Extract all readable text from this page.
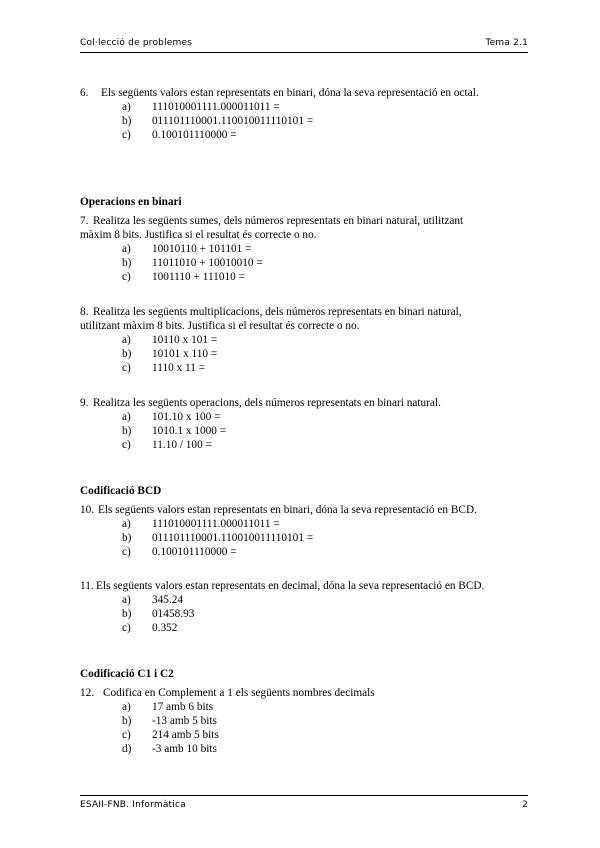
Col·lecció de problemes	Tema 2.1

6. Els següents valors estan representats en binari, dóna la seva representació en octal.

a)	111010001111.000011011 =
b)	011101110001.110010011110101 =
c)	0.100101110000 =
Operacions en binari

7. Realitza les següents sumes, dels números representats en binari natural, utilitzant

màxim 8 bits. Justifica si el resultat és correcte o no.

a)	10010110 + 101101 =
b)	11011010 + 10010010 =
c)	1001110 + 111010 =

8. Realitza les següents multiplicacions, dels números representats en binari natural,

utilitzant màxim 8 bits. Justifica si el resultat és correcte o no.

a)	10110 x 101 =
b)	10101 x 110 =
c)	1110 x 11 =

9. Realitza les següents operacions, dels números representats en binari natural.

a)	101.10 x 100 =
b)	1010.1 x 1000 =
c)	11.10 / 100 =
Codificació BCD

10. Els següents valors estan representats en binari, dóna la seva representació en BCD.

a)	111010001111.000011011 =
b)	011101110001.110010011110101 =
c)	0.100101110000 =

11. Els següents valors estan representats en decimal, dóna la seva representació en BCD.

a)	345.24
b)	01458.93
c)	0.352
Codificació C1 i C2

12. Codifica en Complement a 1 els següents nombres decimals

a)	17 amb 6 bits
b)	-13 amb 5 bits
c)	214 amb 5 bits
d)	-3 amb 10 bits
ESAII-FNB. Informàtica	2
